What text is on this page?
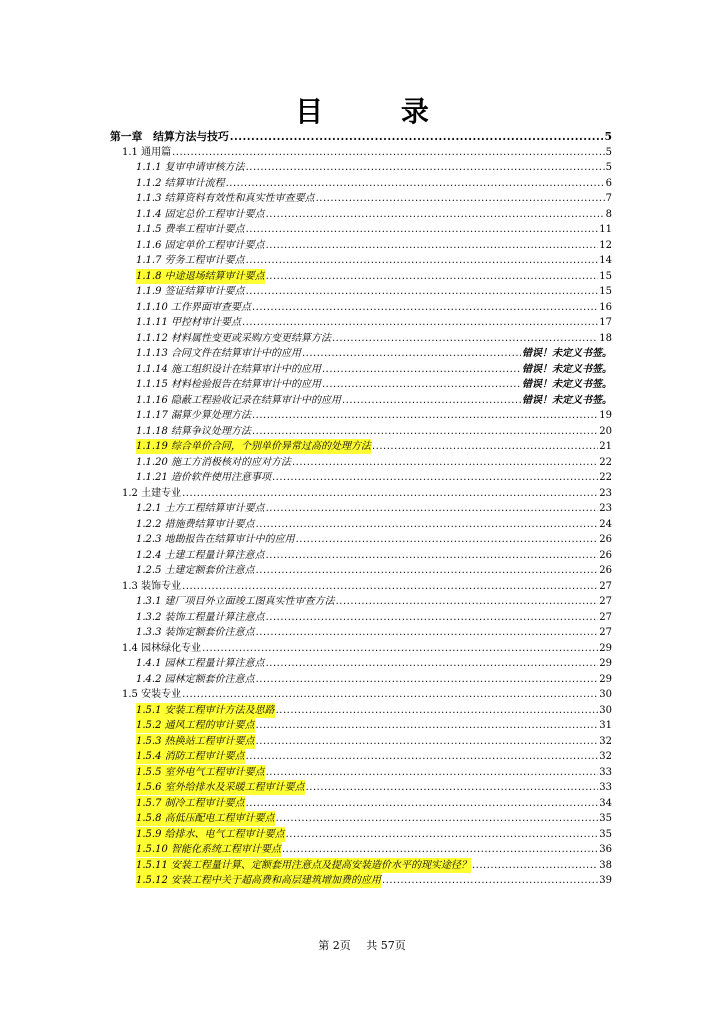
目 录
第一章　结算方法与技巧 .....	5
1.1 通用篇 .....	5
1.1.1 复审申请审核方法 .....	5
1.1.2 结算审计流程 .....	6
1.1.3 结算资料有效性和真实性审查要点 .....	7
1.1.4 固定总价工程审计要点 .....	8
1.1.5 费率工程审计要点 .....	11
1.1.6 固定单价工程审计要点 .....	12
1.1.7 劳务工程审计要点 .....	14
1.1.8 中途退场结算审计要点 .....	15
1.1.9 签证结算审计要点 .....	15
1.1.10 工作界面审查要点 .....	16
1.1.11 甲控材审计要点 .....	17
1.1.12 材料属性变更或采购方变更结算方法 .....	18
1.1.13 合同文件在结算审计中的应用 .....	错误！未定义书签。
1.1.14 施工组织设计在结算审计中的应用 .....	错误！未定义书签。
1.1.15 材料检验报告在结算审计中的应用 .....	错误！未定义书签。
1.1.16 隐蔽工程验收记录在结算审计中的应用 .....	错误！未定义书签。
1.1.17 漏算少算处理方法 .....	19
1.1.18 结算争议处理方法 .....	20
1.1.19 综合单价合同，个别单价异常过高的处理方法 .....	21
1.1.20 施工方消极核对的应对方法 .....	22
1.1.21 造价软件使用注意事项 .....	22
1.2 土建专业 .....	23
1.2.1 土方工程结算审计要点 .....	23
1.2.2 措施费结算审计要点 .....	24
1.2.3 地勘报告在结算审计中的应用 .....	26
1.2.4 土建工程量计算注意点 .....	26
1.2.5 土建定额套价注意点 .....	26
1.3 装饰专业 .....	27
1.3.1 建厂项目外立面竣工图真实性审查方法 .....	27
1.3.2 装饰工程量计算注意点 .....	27
1.3.3 装饰定额套价注意点 .....	27
1.4 园林绿化专业 .....	29
1.4.1 园林工程量计算注意点 .....	29
1.4.2 园林定额套价注意点 .....	29
1.5 安装专业 .....	30
1.5.1 安装工程审计方法及思路 .....	30
1.5.2 通风工程的审计要点 .....	31
1.5.3 热换站工程审计要点 .....	32
1.5.4 消防工程审计要点 .....	32
1.5.5 室外电气工程审计要点 .....	33
1.5.6 室外给排水及采暖工程审计要点 .....	33
1.5.7 制冷工程审计要点 .....	34
1.5.8 高低压配电工程审计要点 .....	35
1.5.9 给排水、电气工程审计要点 .....	35
1.5.10 智能化系统工程审计要点 .....	36
1.5.11 安装工程量计算、定额套用注意点及提高安装造价水平的现实途径？ .....	38
1.5.12 安装工程中关于超高费和高层建筑增加费的应用 .....	39
第 2页 共 57页
